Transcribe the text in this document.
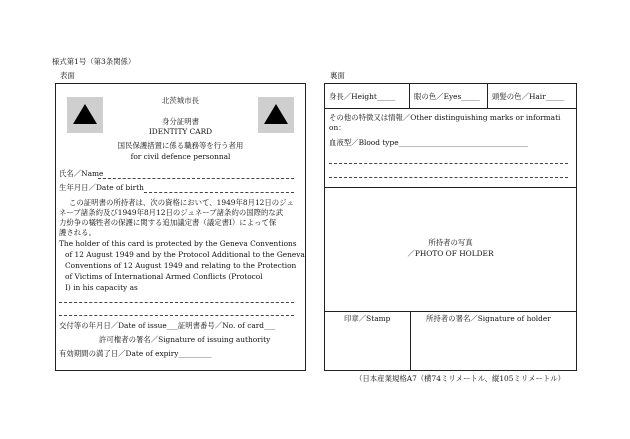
様式第1号（第3条関係）
表面	裏面
北茨城市長
身分証明書
IDENTITY CARD
国民保護措置に係る職務等を行う者用
for civil defence personnal
氏名／Name
生年月日／Date of birth
この証明書の所持者は、次の資格において、1949年8月12日のジュ
ネーブ諸条約及び1949年8月12日のジュネーブ諸条約の国際的な武
力紛争の犠牲者の保護に関する追加議定書（議定書Ⅰ）によって保
護される。
The holder of this card is protected by the Geneva Conventions
of 12 August 1949 and by the Protocol Additional to the Geneva
Conventions of 12 August 1949 and relating to the Protection
of Victims of International Armed Conflicts (Protocol
Ⅰ) in his capacity as
交付等の年月日／Date of issue___証明書番号／No. of card___
許可権者の署名／Signature of issuing authority
有効期間の満了日／Date of expiry_________
身長／Height_____	眼の色／Eyes_____ 頭髪の色／Hair_____
その他の特徴又は情報／Other distinguishing marks or informati
on：
血液型／Blood type___________________________________
所持者の写真
／PHOTO OF HOLDER
印章／Stamp	所持者の署名／Signature of holder
（日本産業規格A7（横74ミリメートル、縦105ミリメートル）
